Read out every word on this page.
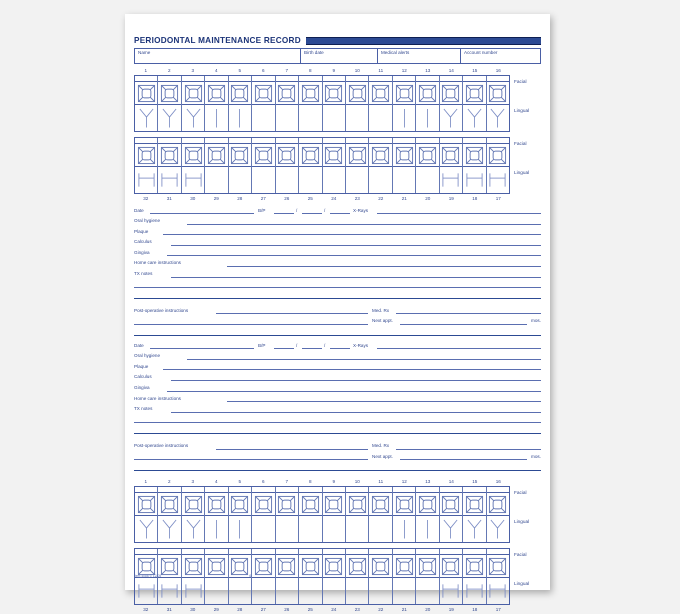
PERIODONTAL MAINTENANCE RECORD
Name	Birth date	Medical alerts	Account number
1	2	3	4	5	6	7	8	9	10	11	12	13	14	15	16
Facial
Lingual
Facial
Lingual
32	31	30	29	28	27	26	25	24	23	22	21	20	19	18	17
Date	B/P	/	/	X-Rays
Oral hygiene
Plaque
Calculus
Gingiva
Home care instructions
TX notes
Post-operative instructions	Med. Rx
Next appt.	mos.
Date	B/P	/	/	X-Rays
Oral hygiene
Plaque
Calculus
Gingiva
Home care instructions
TX notes
Post-operative instructions	Med. Rx
Next appt.	mos.
1	2	3	4	5	6	7	8	9	10	11	12	13	14	15	16
Facial
Lingual
Facial
Lingual
32	31	30	29	28	27	26	25	24	23	22	21	20	19	18	17
Item 4086 © 12/05	6
